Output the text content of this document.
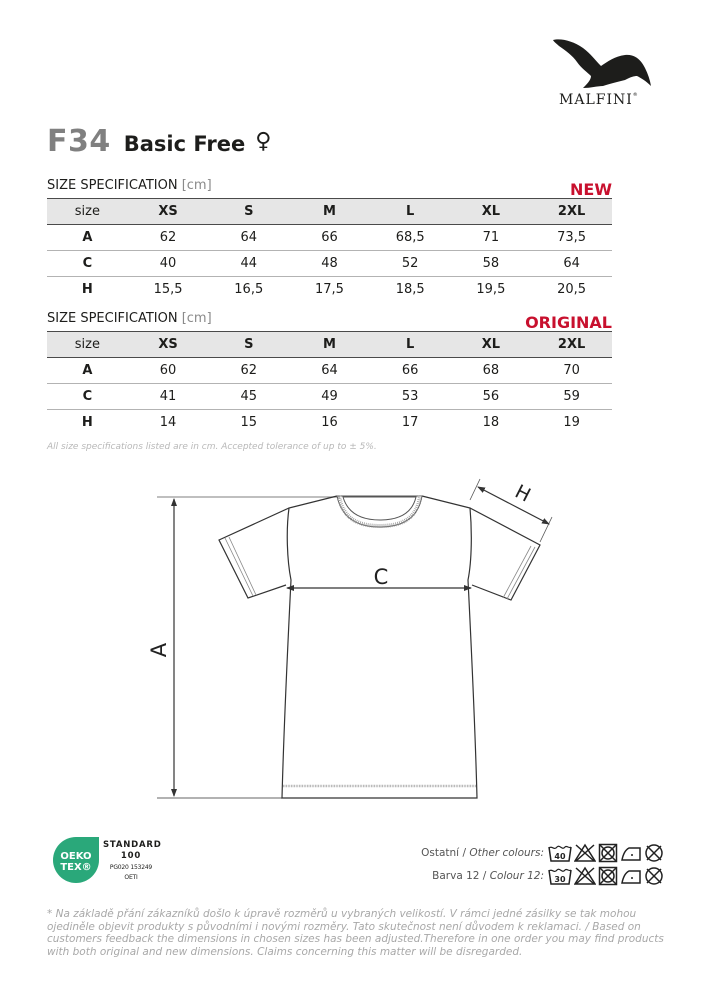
MALFINI®
F34 Basic Free ♀
SIZE SPECIFICATION [cm]	NEW
size	XS	S	M	L	XL	2XL
A	62	64	66	68,5	71	73,5
C	40	44	48	52	58	64
H	15,5	16,5	17,5	18,5	19,5	20,5
SIZE SPECIFICATION [cm]	ORIGINAL
size	XS	S	M	L	XL	2XL
A	60	62	64	66	68	70
C	41	45	49	53	56	59
H	14	15	16	17	18	19
All size specifications listed are in cm. Accepted tolerance of up to ± 5%.
C
H
A
OEKO
TEX®
STANDARD
100
PG020 153249
OETI
Ostatní / Other colours: 40
Barva 12 / Colour 12: 30
* Na základě přání zákazníků došlo k úpravě rozměrů u vybraných velikostí. V rámci jedné zásilky se tak mohou ojediněle objevit produkty s původními i novými rozměry. Tato skutečnost není důvodem k reklamaci. / Based on customers feedback the dimensions in chosen sizes has been adjusted.Therefore in one order you may find products with both original and new dimensions. Claims concerning this matter will be disregarded.
